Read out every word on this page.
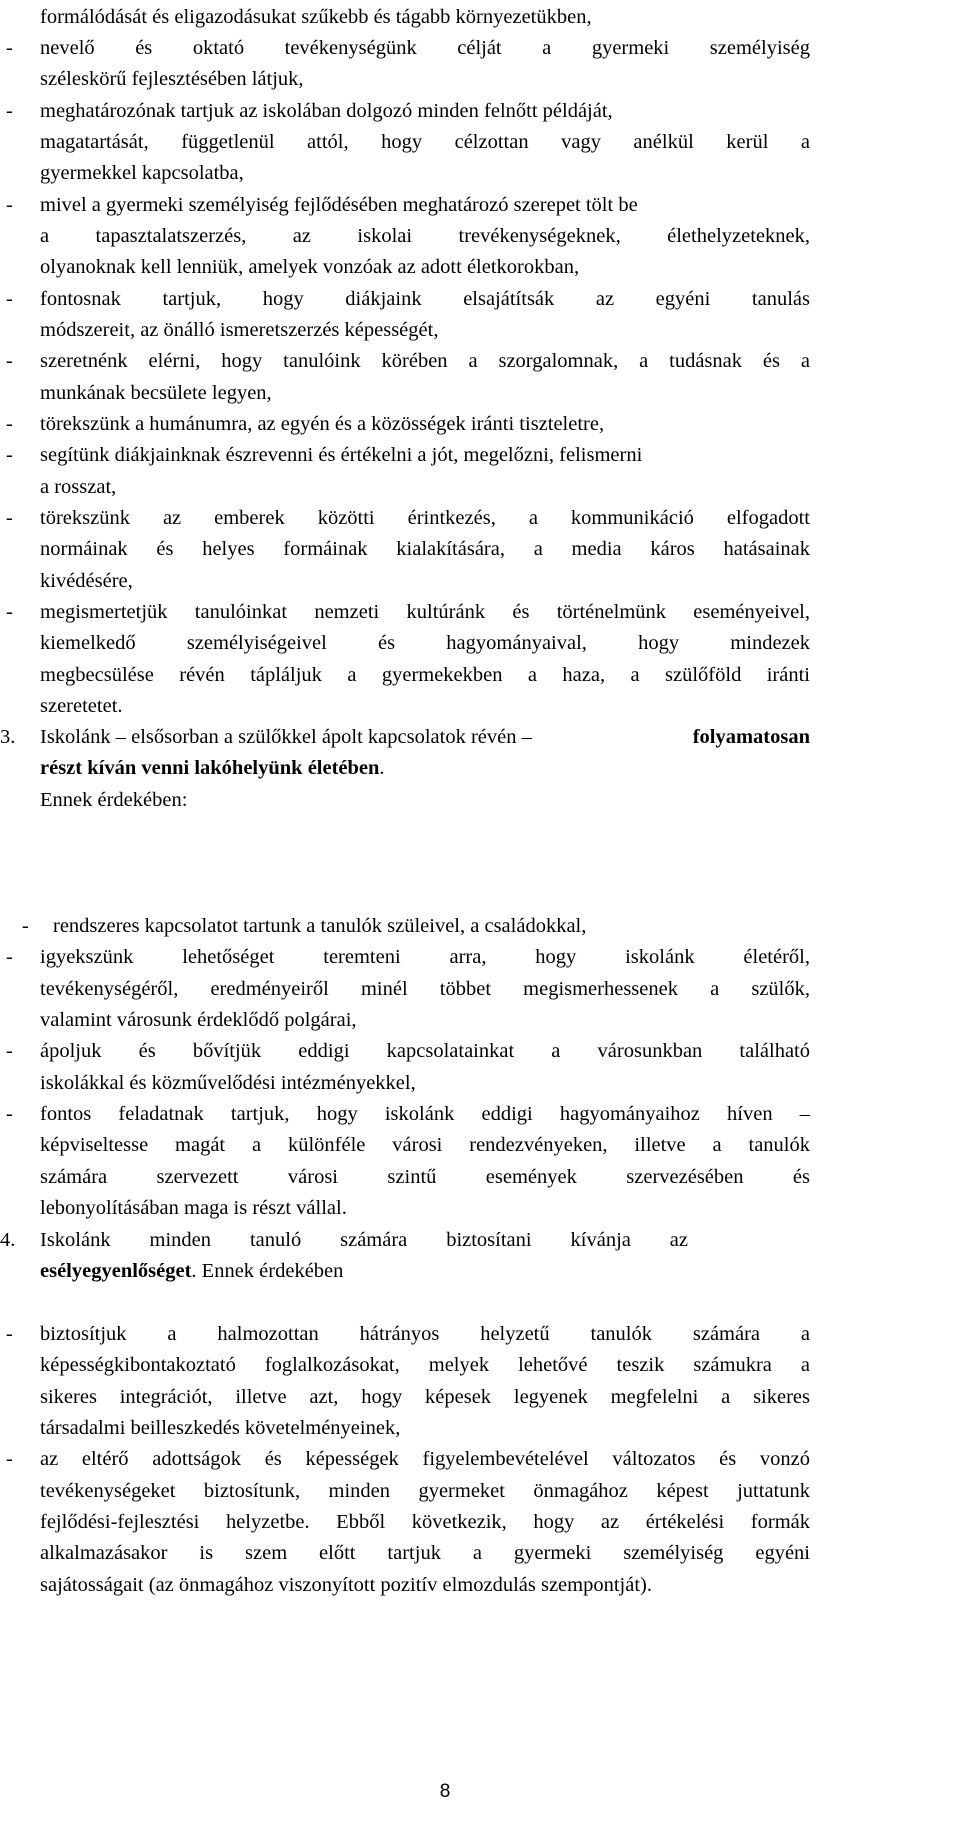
formálódását és eligazodásukat szűkebb és tágabb környezetükben,
-	nevelő és oktató tevékenységünk célját a gyermeki személyiség
széleskörű fejlesztésében látjuk,
-	meghatározónak tartjuk az iskolában dolgozó minden felnőtt példáját,
magatartását, függetlenül attól, hogy célzottan vagy anélkül kerül a
gyermekkel kapcsolatba,
-	mivel a gyermeki személyiség fejlődésében meghatározó szerepet tölt be
a tapasztalatszerzés, az iskolai trevékenységeknek, élethelyzeteknek,
olyanoknak kell lenniük, amelyek vonzóak az adott életkorokban,
-	fontosnak tartjuk, hogy diákjaink elsajátítsák az egyéni tanulás
módszereit, az önálló ismeretszerzés képességét,
-	szeretnénk elérni, hogy tanulóink körében a szorgalomnak, a tudásnak és a
munkának becsülete legyen,
-	törekszünk a humánumra, az egyén és a közösségek iránti tiszteletre,
-	segítünk diákjainknak észrevenni és értékelni a jót, megelőzni, felismerni
a rosszat,
-	törekszünk az emberek közötti érintkezés, a kommunikáció elfogadott
normáinak és helyes formáinak kialakítására, a media káros hatásainak
kivédésére,
-	megismertetjük tanulóinkat nemzeti kultúránk és történelmünk eseményeivel,
kiemelkedő személyiségeivel és hagyományaival, hogy mindezek
megbecsülése révén tápláljuk a gyermekekben a haza, a szülőföld iránti
szeretetet.
3.	Iskolánk – elsősorban a szülőkkel ápolt kapcsolatok révén –	folyamatosan
részt kíván venni lakóhelyünk életében.
Ennek érdekében:
-	rendszeres kapcsolatot tartunk a tanulók szüleivel, a családokkal,
-	igyekszünk lehetőséget teremteni arra, hogy iskolánk életéről,
tevékenységéről, eredményeiről minél többet megismerhessenek a szülők,
valamint városunk érdeklődő polgárai,
-	ápoljuk és bővítjük eddigi kapcsolatainkat a városunkban található
iskolákkal és közművelődési intézményekkel,
-	fontos feladatnak tartjuk, hogy iskolánk eddigi hagyományaihoz híven –
képviseltesse magát a különféle városi rendezvényeken, illetve a tanulók
számára szervezett városi szintű események szervezésében és
lebonyolításában maga is részt vállal.
4.	Iskolánk minden tanuló számára biztosítani kívánja az
esélyegyenlőséget. Ennek érdekében
-	biztosítjuk a halmozottan hátrányos helyzetű tanulók számára a
képességkibontakoztató foglalkozásokat, melyek lehetővé teszik számukra a
sikeres integrációt, illetve azt, hogy képesek legyenek megfelelni a sikeres
társadalmi beilleszkedés követelményeinek,
-	az eltérő adottságok és képességek figyelembevételével változatos és vonzó
tevékenységeket biztosítunk, minden gyermeket önmagához képest juttatunk
fejlődési-fejlesztési helyzetbe. Ebből következik, hogy az értékelési formák
alkalmazásakor is szem előtt tartjuk a gyermeki személyiség egyéni
sajátosságait (az önmagához viszonyított pozitív elmozdulás szempontját).
8
